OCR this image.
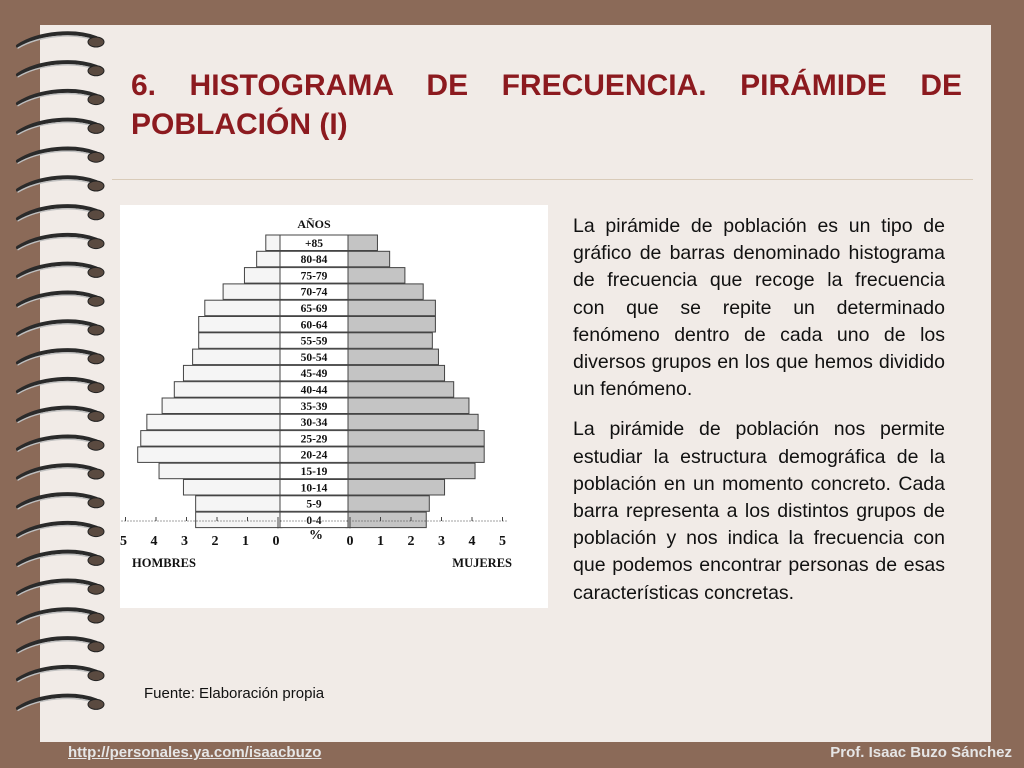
6. HISTOGRAMA DE FRECUENCIA. PIRÁMIDE DE
POBLACIÓN (I)
AÑOS
+85
80-84
75-79
70-74
65-69
60-64
55-59
50-54
45-49
40-44
35-39
30-34
25-29
20-24
15-19
10-14
5-9
0-4
5 4 3 2 1 0	0 1 2 3 4 5
%
HOMBRES	MUJERES

La pirámide de población es un tipo de gráfico de barras denominado histograma de frecuencia que recoge la frecuencia con que se repite un determinado fenómeno dentro de cada uno de los diversos grupos en los que hemos dividido un fenómeno.

La pirámide de población nos permite estudiar la estructura demográfica de la población en un momento concreto. Cada barra representa a los distintos grupos de población y nos indica la frecuencia con que podemos encontrar personas de esas características concretas.

Fuente: Elaboración propia
http://personales.ya.com/isaacbuzo	Prof. Isaac Buzo Sánchez
